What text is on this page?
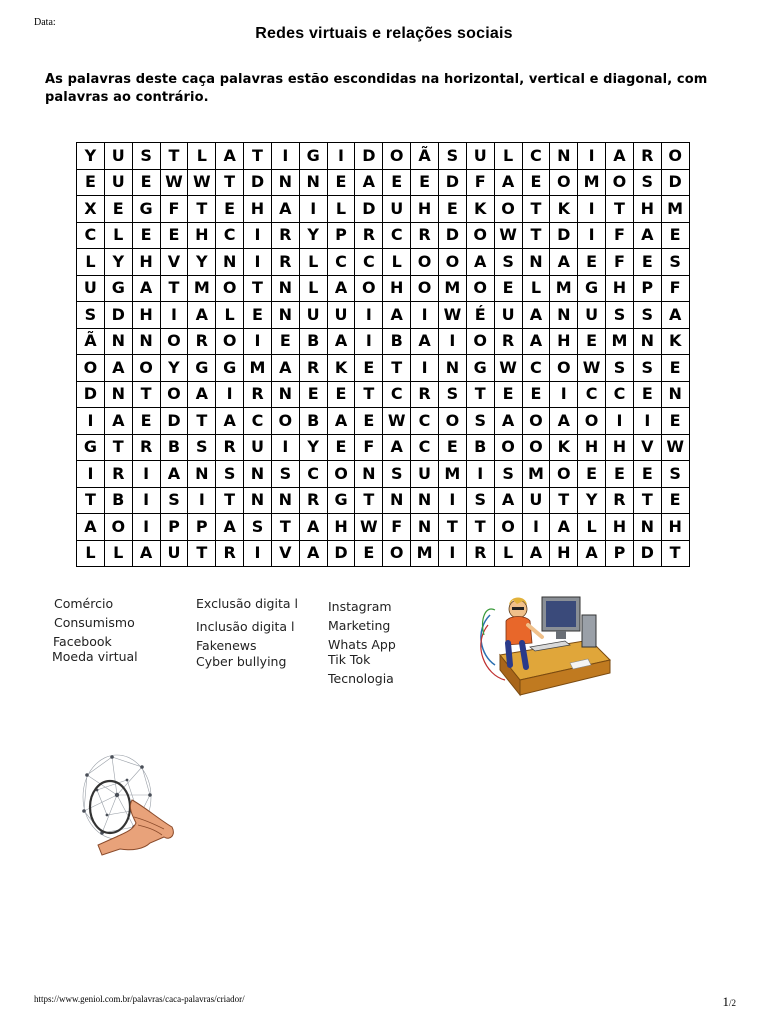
Data:
Redes virtuais e relações sociais
As palavras deste caça palavras estão escondidas na horizontal, vertical e diagonal, com palavras ao contrário.
Y	U	S	T	L	A	T	I	G	I	D	O	Ã	S	U	L	C	N	I	A	R	O
E	U	E	W	W	T	D	N	N	E	A	E	E	D	F	A	E	O	M	O	S	D
X	E	G	F	T	E	H	A	I	L	D	U	H	E	K	O	T	K	I	T	H	M
C	L	E	E	H	C	I	R	Y	P	R	C	R	D	O	W	T	D	I	F	A	E
L	Y	H	V	Y	N	I	R	L	C	C	L	O	O	A	S	N	A	E	F	E	S
U	G	A	T	M	O	T	N	L	A	O	H	O	M	O	E	L	M	G	H	P	F
S	D	H	I	A	L	E	N	U	U	I	A	I	W	É	U	A	N	U	S	S	A
Ã	N	N	O	R	O	I	E	B	A	I	B	A	I	O	R	A	H	E	M	N	K
O	A	O	Y	G	G	M	A	R	K	E	T	I	N	G	W	C	O	W	S	S	E
D	N	T	O	A	I	R	N	E	E	T	C	R	S	T	E	E	I	C	C	E	N
I	A	E	D	T	A	C	O	B	A	E	W	C	O	S	A	O	A	O	I	I	E
G	T	R	B	S	R	U	I	Y	E	F	A	C	E	B	O	O	K	H	H	V	W
I	R	I	A	N	S	N	S	C	O	N	S	U	M	I	S	M	O	E	E	E	S
T	B	I	S	I	T	N	N	R	G	T	N	N	I	S	A	U	T	Y	R	T	E
A	O	I	P	P	A	S	T	A	H	W	F	N	T	T	O	I	A	L	H	N	H
L	L	A	U	T	R	I	V	A	D	E	O	M	I	R	L	A	H	A	P	D	T
Comércio
Consumismo
Facebook
Moeda virtual
Exclusão digita l
Inclusão digita l
Fakenews
Cyber bullying
Instagram
Marketing
Whats App
Tik Tok
Tecnologia
https://www.geniol.com.br/palavras/caca-palavras/criador/	1/2
